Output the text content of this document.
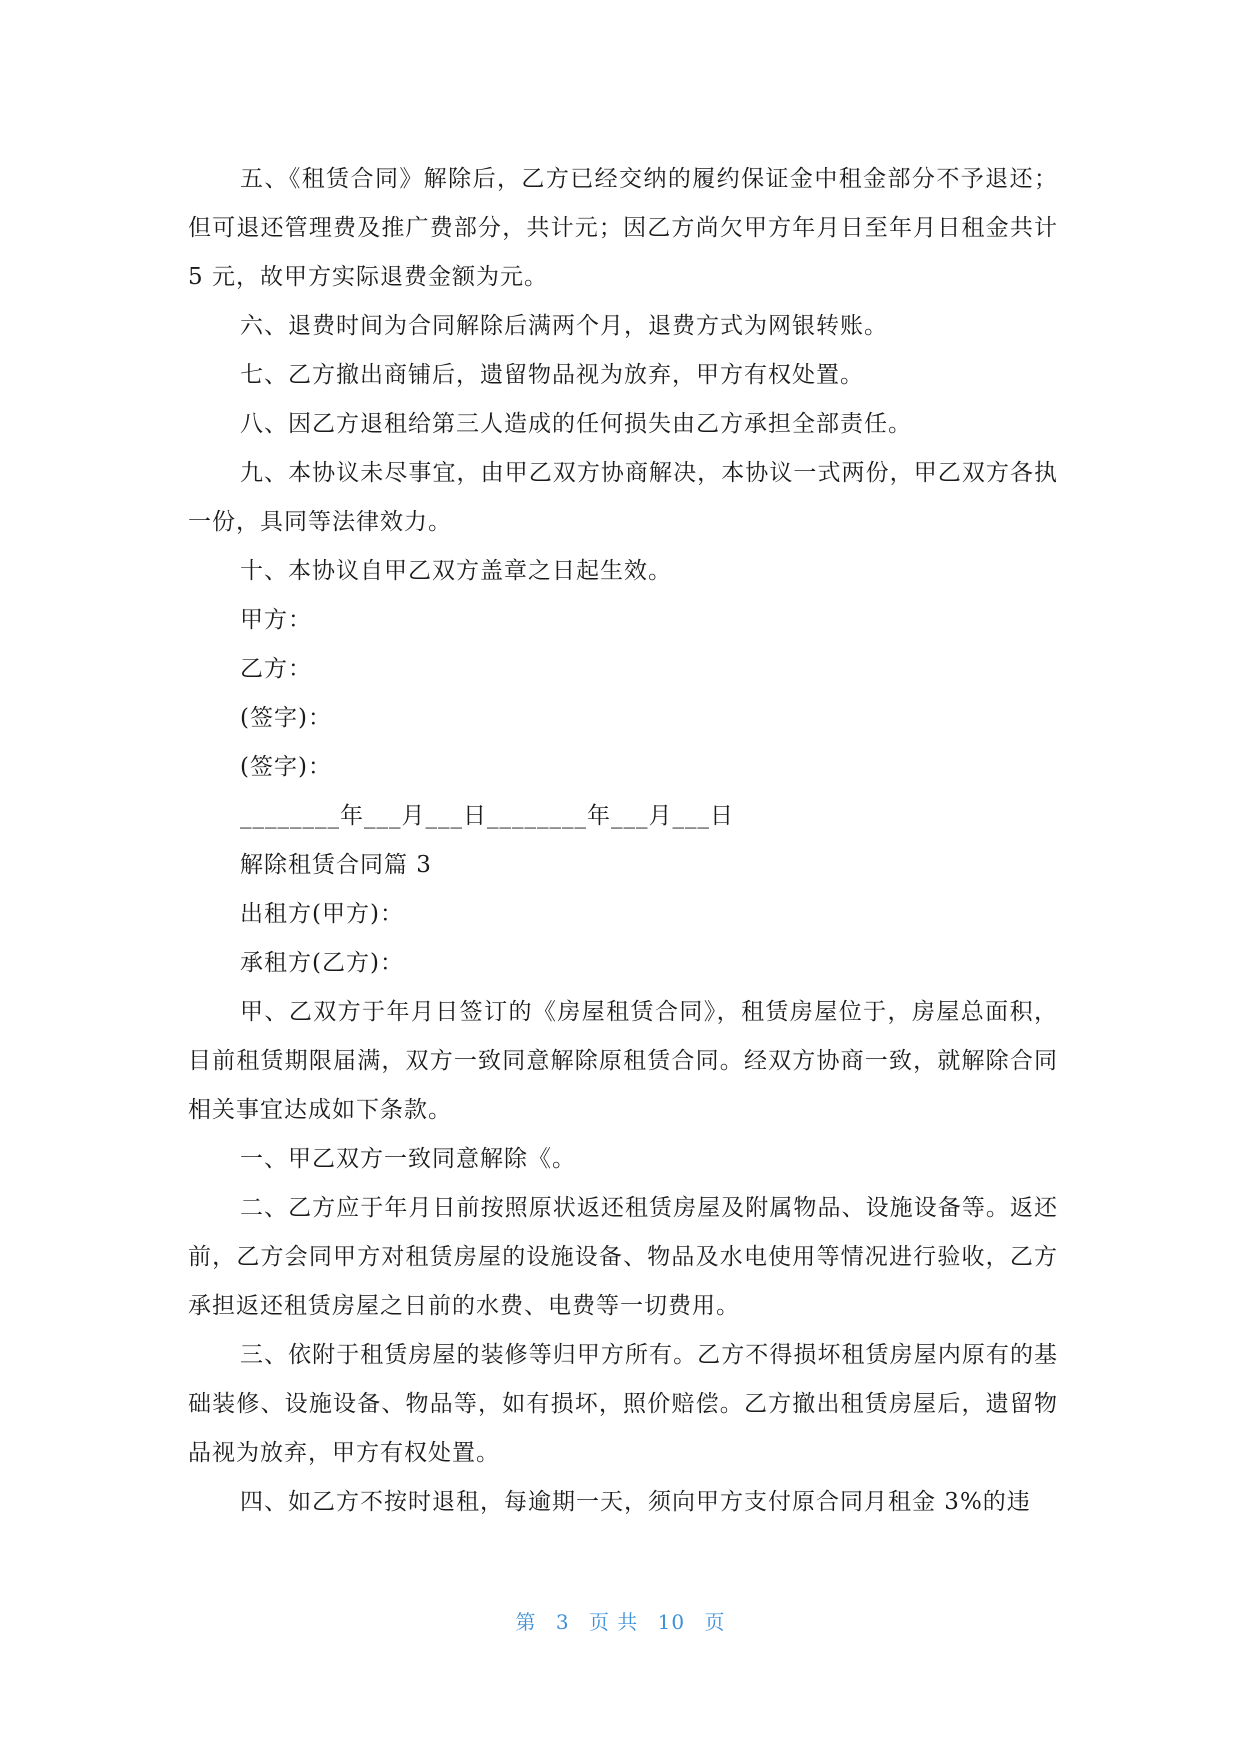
五、《租赁合同》解除后，乙方已经交纳的履约保证金中租金部分不予退还；但可退还管理费及推广费部分，共计元；因乙方尚欠甲方年月日至年月日租金共计 5 元，故甲方实际退费金额为元。

六、退费时间为合同解除后满两个月，退费方式为网银转账。

七、乙方撤出商铺后，遗留物品视为放弃，甲方有权处置。

八、因乙方退租给第三人造成的任何损失由乙方承担全部责任。

九、本协议未尽事宜，由甲乙双方协商解决，本协议一式两份，甲乙双方各执一份，具同等法律效力。

十、本协议自甲乙双方盖章之日起生效。

甲方：

乙方：

(签字)：

(签字)：

________年___月___日________年___月___日

解除租赁合同篇 3

出租方(甲方)：

承租方(乙方)：

甲、乙双方于年月日签订的《房屋租赁合同》，租赁房屋位于，房屋总面积，目前租赁期限届满，双方一致同意解除原租赁合同。经双方协商一致，就解除合同相关事宜达成如下条款。

一、甲乙双方一致同意解除《。

二、乙方应于年月日前按照原状返还租赁房屋及附属物品、设施设备等。返还前，乙方会同甲方对租赁房屋的设施设备、物品及水电使用等情况进行验收，乙方承担返还租赁房屋之日前的水费、电费等一切费用。

三、依附于租赁房屋的装修等归甲方所有。乙方不得损坏租赁房屋内原有的基础装修、设施设备、物品等，如有损坏，照价赔偿。乙方撤出租赁房屋后，遗留物品视为放弃，甲方有权处置。

四、如乙方不按时退租，每逾期一天，须向甲方支付原合同月租金 3%的违

第 3 页 共 10 页
